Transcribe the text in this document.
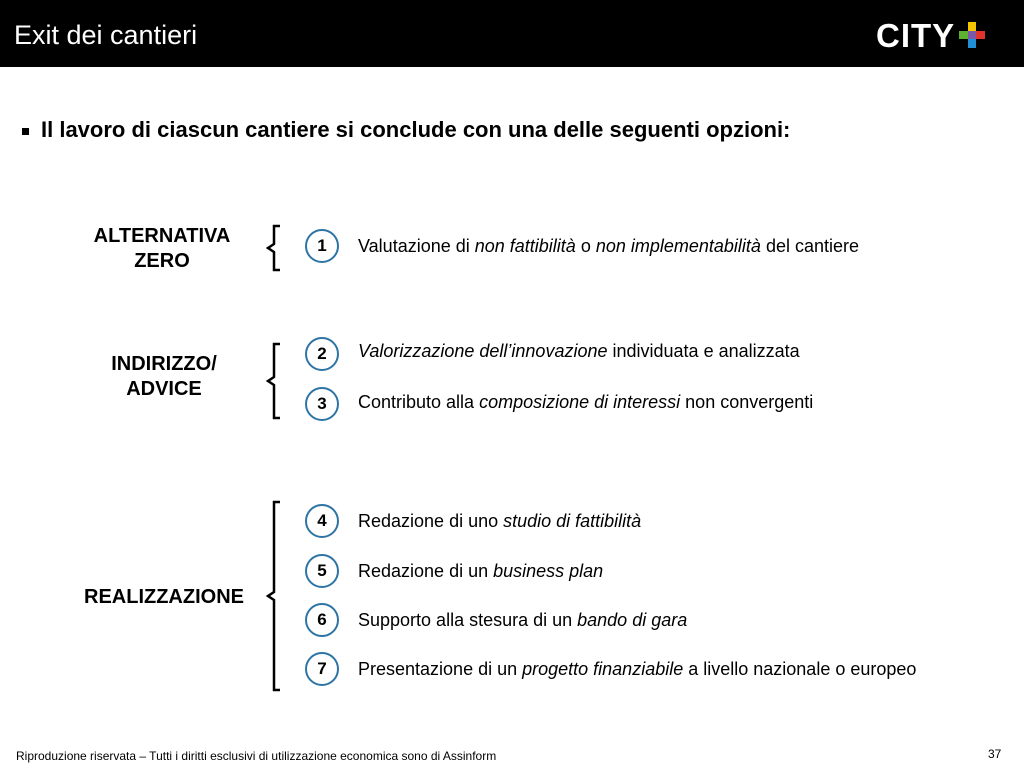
Exit dei cantieri	CITY
Il lavoro di ciascun cantiere si conclude con una delle seguenti opzioni:
ALTERNATIVA
ZERO
INDIRIZZO/
ADVICE
REALIZZAZIONE
1	Valutazione di non fattibilità o non implementabilità del cantiere
2	Valorizzazione dell’innovazione individuata e analizzata
3	Contributo alla composizione di interessi non convergenti
4	Redazione di uno studio di fattibilità
5	Redazione di un business plan
6	Supporto alla stesura di un bando di gara
7	Presentazione di un progetto finanziabile a livello nazionale o europeo
Riproduzione riservata – Tutti i diritti esclusivi di utilizzazione economica sono di Assinform	37
